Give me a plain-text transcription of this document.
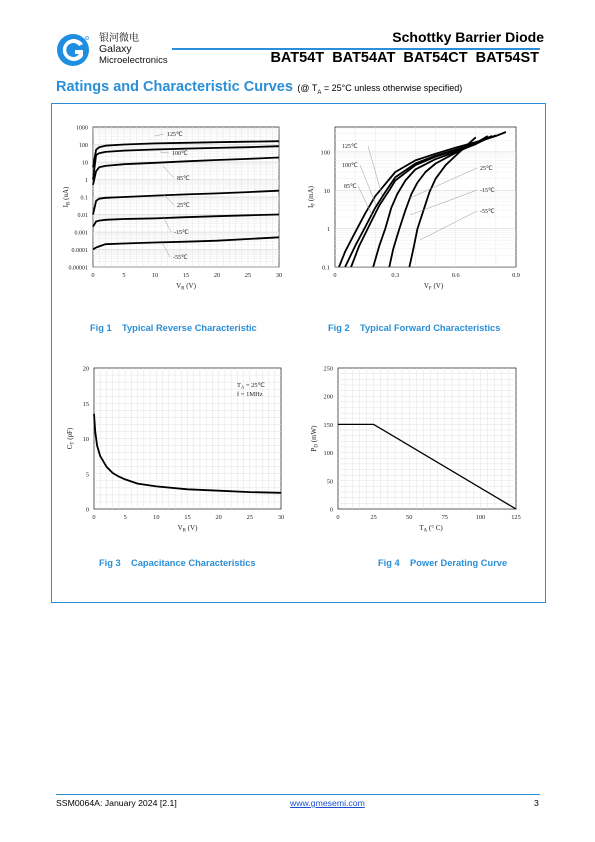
R 银河微电
Galaxy
Microelectronics
Schottky Barrier Diode
BAT54T  BAT54AT  BAT54CT  BAT54ST
Ratings and Characteristic Curves (@ $T_A = 25^\circ C$ unless otherwise specified)
0	5	10	15	20	25	30
1000
100
10
1
0.1
0.01
0.001
0.0001
0.00001
125℃
100℃
85℃
25℃
-15℃
-55℃
$V_R$ (V)
$I_R$ (uA)
0	0.3	0.6	0.9
100
10
1
0.1
125℃
100℃
85℃
25℃
-15℃
-55℃
$V_F$ (V)
$I_F$ (mA)
0	5	10	15	20	25	30
20
15
10
5
0
$T_A$ = 25℃
f = 1MHz
$V_R$ (V)
$C_T$ (pF)
0	25	50	75	100	125
250
200
150
100
50
0
$T_A$ (° C)
$P_D$ (mW)
Fig 1    Typical Reverse Characteristic	Fig 2    Typical Forward Characteristics
Fig 3    Capacitance Characteristics	Fig 4    Power Derating Curve
SSM0064A: January 2024 [2.1]	www.gmesemi.com	3
